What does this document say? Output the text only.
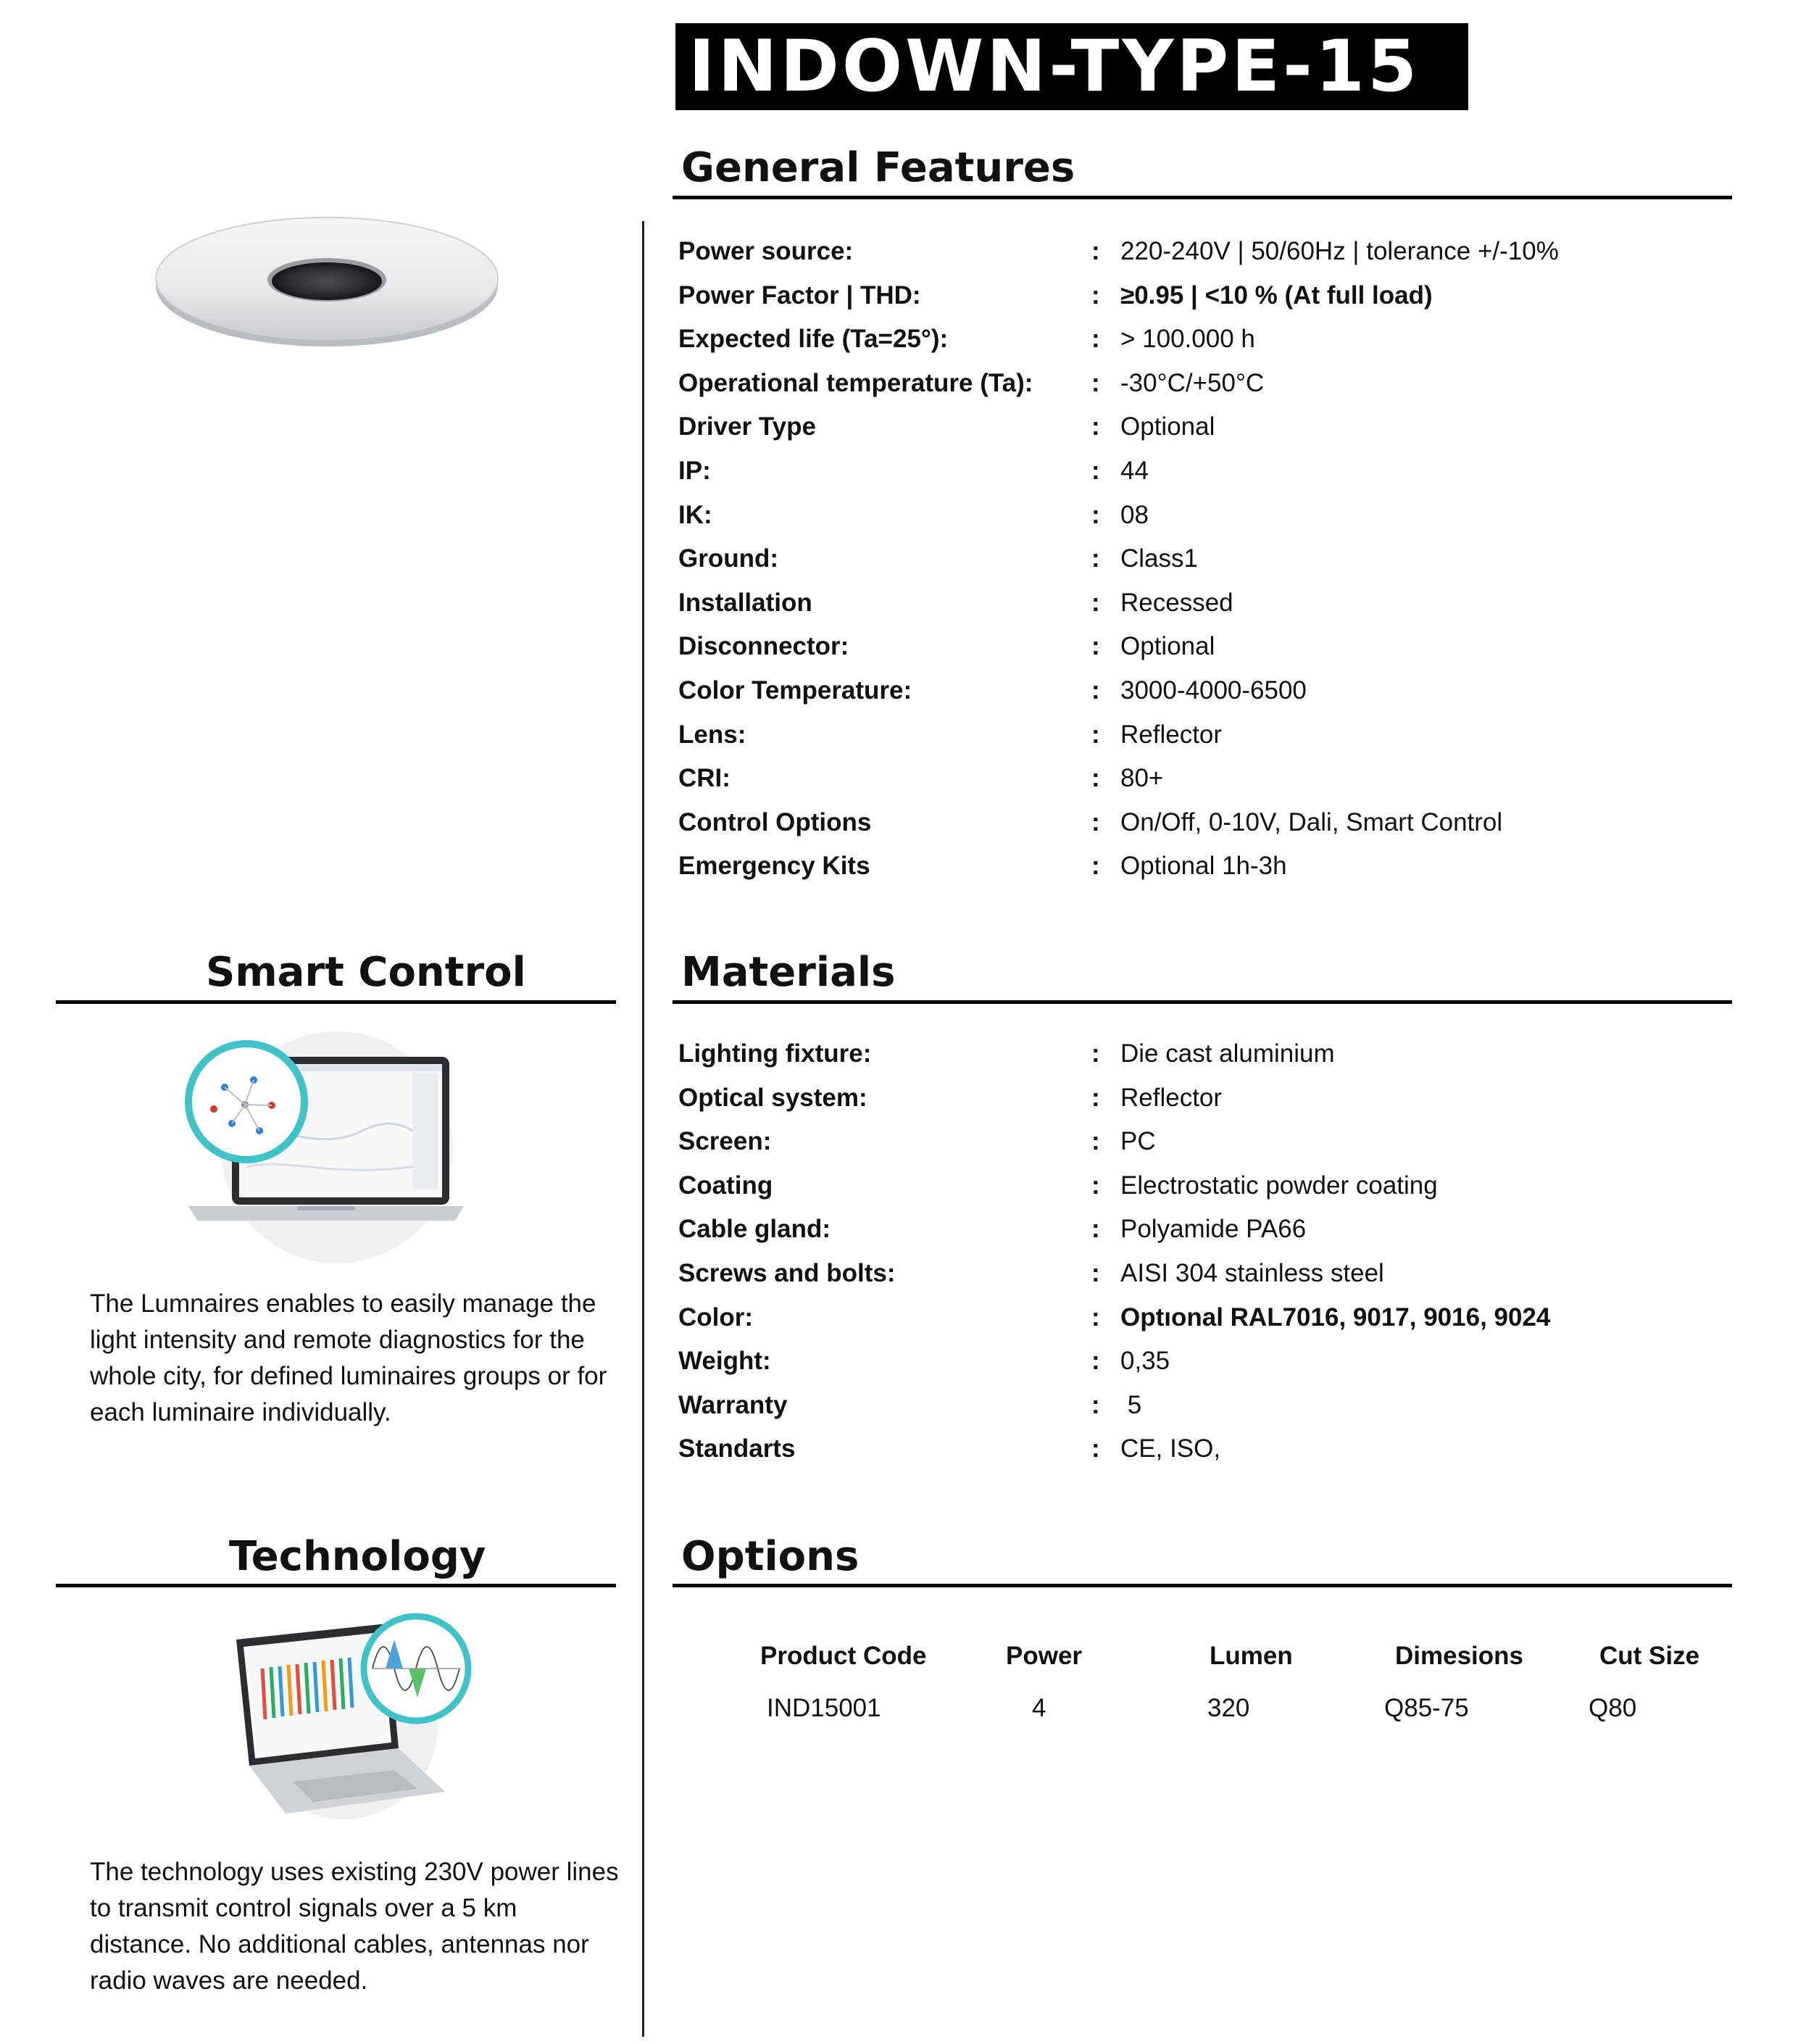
INDOWN-TYPE-15
General Features
Power source:	: 220-240V | 50/60Hz | tolerance +/-10%
Power Factor | THD:	: ≥0.95 | <10 % (At full load)
Expected life (Ta=25°):	: > 100.000 h
Operational temperature (Ta): : -30°C/+50°C
Driver Type	: Optional
IP:	: 44
IK:	: 08
Ground:	: Class1
Installation	: Recessed
Disconnector:	: Optional
Color Temperature:	: 3000-4000-6500
Lens:	: Reflector
CRI:	: 80+
Control Options	: On/Off, 0-10V, Dali, Smart Control
Emergency Kits	: Optional 1h-3h
Smart Control
The Lumnaires enables to easily manage the light intensity and remote diagnostics for the whole city, for defined luminaires groups or for each luminaire individually.
Materials
Lighting fixture:	: Die cast aluminium
Optical system:	: Reflector
Screen:	: PC
Coating	: Electrostatic powder coating
Cable gland:	: Polyamide PA66
Screws and bolts:	: AISI 304 stainless steel
Color:	: Optıonal RAL7016, 9017, 9016, 9024
Weight:	: 0,35
Warranty	: 5
Standarts	: CE, ISO,
Technology
The technology uses existing 230V power lines to transmit control signals over a 5 km distance. No additional cables, antennas nor radio waves are needed.
Options
Product Code	Power	Lumen	Dimesions	Cut Size
IND15001	4	320	Q85-75	Q80
